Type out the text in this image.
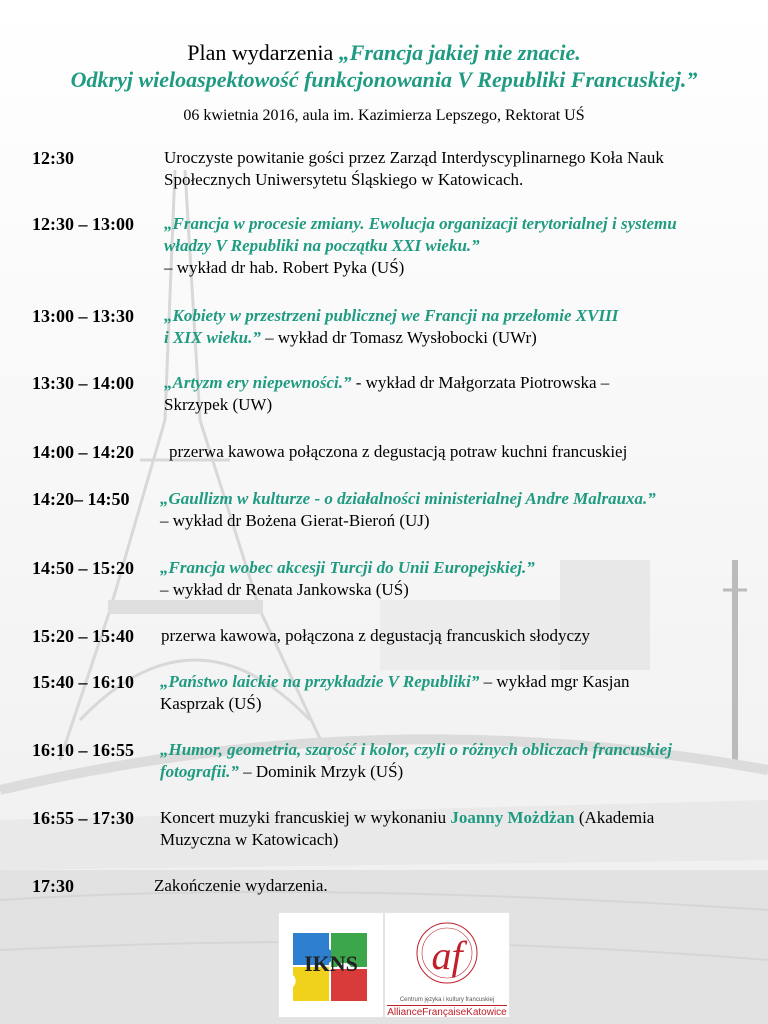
Plan wydarzenia „Francja jakiej nie znacie.
Odkryj wieloaspektowość funkcjonowania V Republiki Francuskiej.”
06 kwietnia 2016, aula im. Kazimierza Lepszego, Rektorat UŚ
12:30	Uroczyste powitanie gości przez Zarząd Interdyscyplinarnego Koła Nauk
Społecznych Uniwersytetu Śląskiego w Katowicach.
12:30 – 13:00 „Francja w procesie zmiany. Ewolucja organizacji terytorialnej i systemu
władzy V Republiki na początku XXI wieku.”
– wykład dr hab. Robert Pyka (UŚ)
13:00 – 13:30 „Kobiety w przestrzeni publicznej we Francji na przełomie XVIII
i XIX wieku.” – wykład dr Tomasz Wysłobocki (UWr)
13:30 – 14:00 „Artyzm ery niepewności.” - wykład dr Małgorzata Piotrowska –
Skrzypek (UW)
14:00 – 14:20 przerwa kawowa połączona z degustacją potraw kuchni francuskiej
14:20– 14:50 „Gaullizm w kulturze - o działalności ministerialnej Andre Malrauxa.”
– wykład dr Bożena Gierat-Bieroń (UJ)
14:50 – 15:20 „Francja wobec akcesji Turcji do Unii Europejskiej.”
– wykład dr Renata Jankowska (UŚ)
15:20 – 15:40 przerwa kawowa, połączona z degustacją francuskich słodyczy
15:40 – 16:10 „Państwo laickie na przykładzie V Republiki” – wykład mgr Kasjan
Kasprzak (UŚ)
16:10 – 16:55 „Humor, geometria, szarość i kolor, czyli o różnych obliczach francuskiej
fotografii.” – Dominik Mrzyk (UŚ)
16:55 – 17:30 Koncert muzyki francuskiej w wykonaniu Joanny Możdżan (Akademia
Muzyczna w Katowicach)
17:30	Zakończenie wydarzenia.
IKNS	af
Centrum języka i kultury francuskiej
AllianceFrançaiseKatowice
